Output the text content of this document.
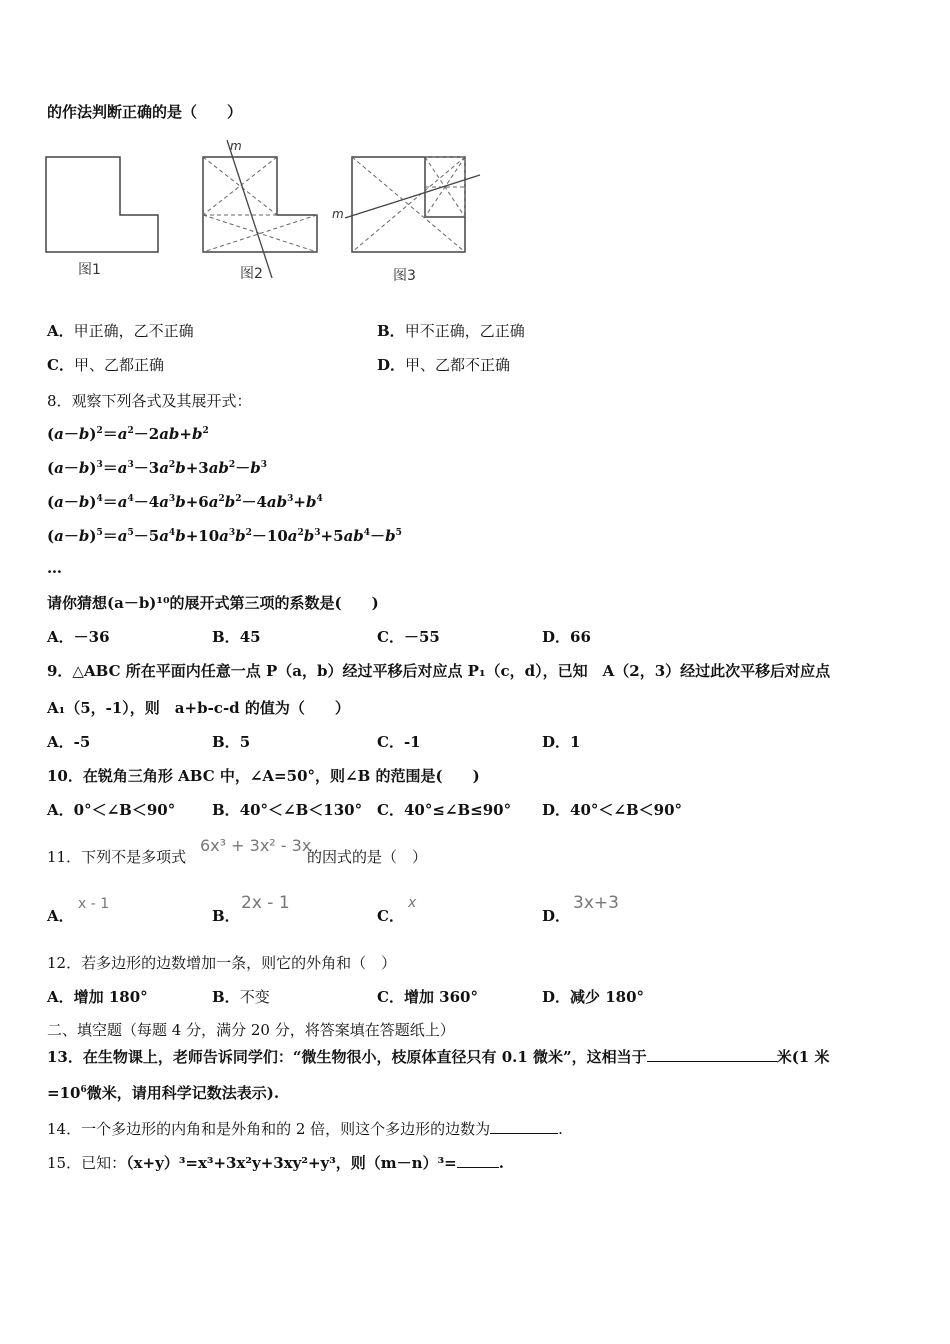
的作法判断正确的是（　　）
图1
m
图2
m
图3
A．甲正确，乙不正确	B．甲不正确，乙正确
C．甲、乙都正确	D．甲、乙都不正确
8．观察下列各式及其展开式：
$(a-b)^2=a^2-2ab+b^2$
$(a-b)^3=a^3-3a^2b+3ab^2-b^3$
$(a-b)^4=a^4-4a^3b+6a^2b^2-4ab^3+b^4$
$(a-b)^5=a^5-5a^4b+10a^3b^2-10a^2b^3+5ab^4-b^5$
…
请你猜想(a－b)¹⁰的展开式第三项的系数是(　　)
A．－36	B．45	C．－55	D．66
9．△ABC 所在平面内任意一点 P（a，b）经过平移后对应点 P₁（c，d），已知　A（2，3）经过此次平移后对应点
A₁（5，-1），则　a+b-c-d 的值为（　　）
A．-5	B．5	C．-1	D．1
10．在锐角三角形 ABC 中，∠A=50°，则∠B 的范围是(　　)
A．0°＜∠B＜90° B．40°＜∠B＜130° C．40°≤∠B≤90° D．40°＜∠B＜90°
11．下列不是多项式
6x³ + 3x² - 3x
的因式的是（　）
A．
x - 1
B．
2x - 1
C．
x
D．
3x+3
12．若多边形的边数增加一条，则它的外角和（　）
A．增加 180°	B．不变	C．增加 360°	D．减少 180°
二、填空题（每题 4 分，满分 20 分，将答案填在答题纸上）
13．在生物课上，老师告诉同学们：“微生物很小，枝原体直径只有 0.1 微米”，这相当于	米(1 米
$=10^6$微米，请用科学记数法表示).
14．一个多边形的内角和是外角和的 2 倍，则这个多边形的边数为	.
15．已知：（x+y）³=x³+3x²y+3xy²+y³，则（m－n）³=	.
